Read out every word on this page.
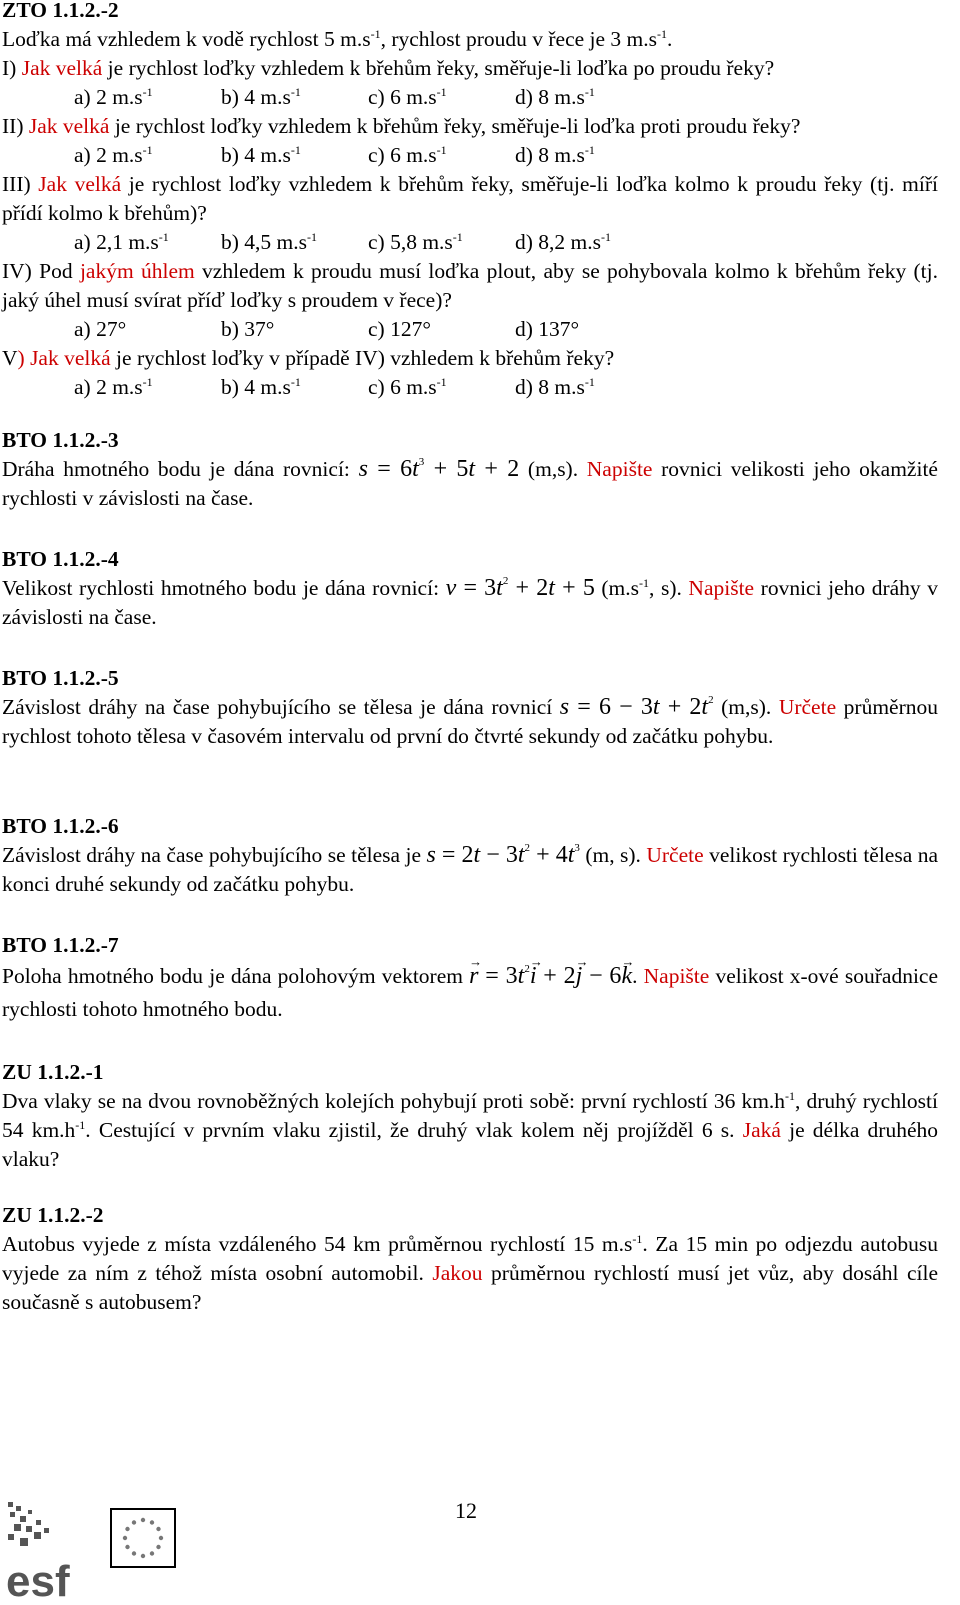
ZTO 1.1.2.-2
Loďka má vzhledem k vodě rychlost 5 $m.s^{-1}$, rychlost proudu v řece je 3 $m.s^{-1}$.
I) Jak velká je rychlost loďky vzhledem k břehům řeky, směřuje-li loďka po proudu řeky?
a) 2 $m.s^{-1}$	b) 4 $m.s^{-1}$	c) 6 $m.s^{-1}$	d) 8 $m.s^{-1}$
II) Jak velká je rychlost loďky vzhledem k břehům řeky, směřuje-li loďka proti proudu řeky?
a) 2 $m.s^{-1}$	b) 4 $m.s^{-1}$	c) 6 $m.s^{-1}$	d) 8 $m.s^{-1}$
III) Jak velká je rychlost loďky vzhledem k břehům řeky, směřuje-li loďka kolmo k proudu řeky (tj. míří přídí kolmo k břehům)?
a) 2,1 $m.s^{-1}$ b) 4,5 $m.s^{-1}$ c) 5,8 $m.s^{-1}$ d) 8,2 $m.s^{-1}$
IV) Pod jakým úhlem vzhledem k proudu musí loďka plout, aby se pohybovala kolmo k břehům řeky (tj. jaký úhel musí svírat příď loďky s proudem v řece)?
a) 27°	b) 37°	c) 127°	d) 137°
V) Jak velká je rychlost loďky v případě IV) vzhledem k břehům řeky?
a) 2 $m.s^{-1}$	b) 4 $m.s^{-1}$	c) 6 $m.s^{-1}$	d) 8 $m.s^{-1}$
BTO 1.1.2.-3
Dráha hmotného bodu je dána rovnicí: $s = 6t^3 + 5t + 2$ (m,s). Napište rovnici velikosti jeho okamžité rychlosti v závislosti na čase.
BTO 1.1.2.-4
Velikost rychlosti hmotného bodu je dána rovnicí: $v = 3t^2 + 2t + 5$ ($m.s^{-1}$, s). Napište rovnici jeho dráhy v závislosti na čase.
BTO 1.1.2.-5
Závislost dráhy na čase pohybujícího se tělesa je dána rovnicí $s = 6 - 3t + 2t^2$ (m,s). Určete průměrnou rychlost tohoto tělesa v časovém intervalu od první do čtvrté sekundy od začátku pohybu.
BTO 1.1.2.-6
Závislost dráhy na čase pohybujícího se tělesa je $s = 2t - 3t^2 + 4t^3$ (m, s). Určete velikost rychlosti tělesa na konci druhé sekundy od začátku pohybu.
BTO 1.1.2.-7
Poloha hmotného bodu je dána polohovým vektorem → $r = 3t^2\to i + 2\to j - 6\to k$. Napište velikost x-ové souřadnice rychlosti tohoto hmotného bodu.
ZU 1.1.2.-1
Dva vlaky se na dvou rovnoběžných kolejích pohybují proti sobě: první rychlostí 36 $km.h^{-1}$, druhý rychlostí 54 $km.h^{-1}$. Cestující v prvním vlaku zjistil, že druhý vlak kolem něj projížděl 6 s. Jaká je délka druhého vlaku?
ZU 1.1.2.-2
Autobus vyjede z místa vzdáleného 54 km průměrnou rychlostí 15 $m.s^{-1}$. Za 15 min po odjezdu autobusu vyjede za ním z téhož místa osobní automobil. Jakou průměrnou rychlostí musí jet vůz, aby dosáhl cíle současně s autobusem?
12
esf
